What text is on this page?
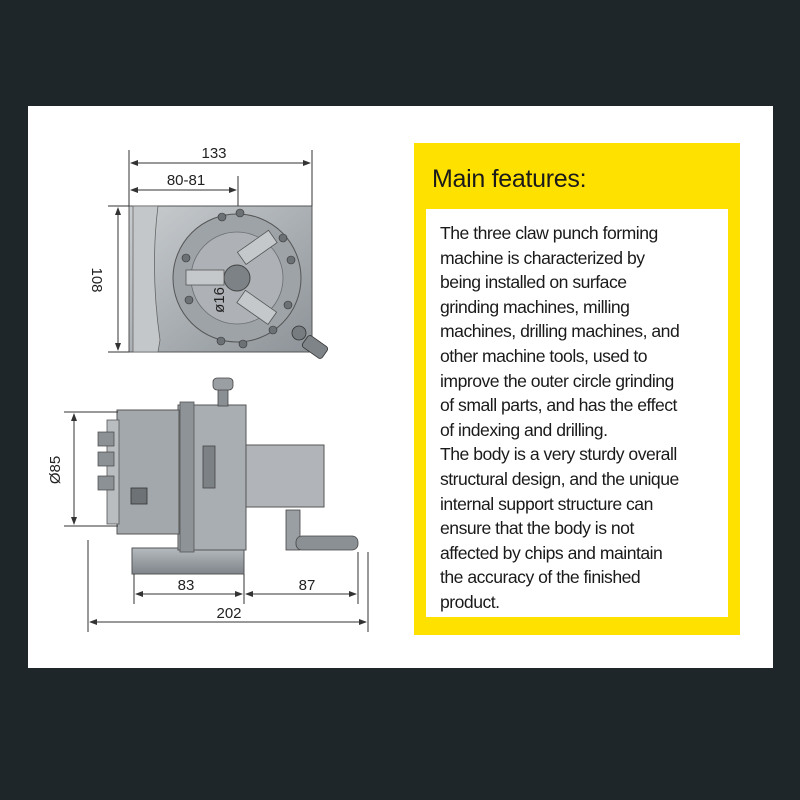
ø16
133
80-81
108
Ø85
83	87
202
Main features:

The three claw punch forming
machine is characterized by
being installed on surface
grinding machines, milling
machines, drilling machines, and
other machine tools, used to
improve the outer circle grinding
of small parts, and has the effect
of indexing and drilling.
The body is a very sturdy overall
structural design, and the unique
internal support structure can
ensure that the body is not
affected by chips and maintain
the accuracy of the finished
product.
